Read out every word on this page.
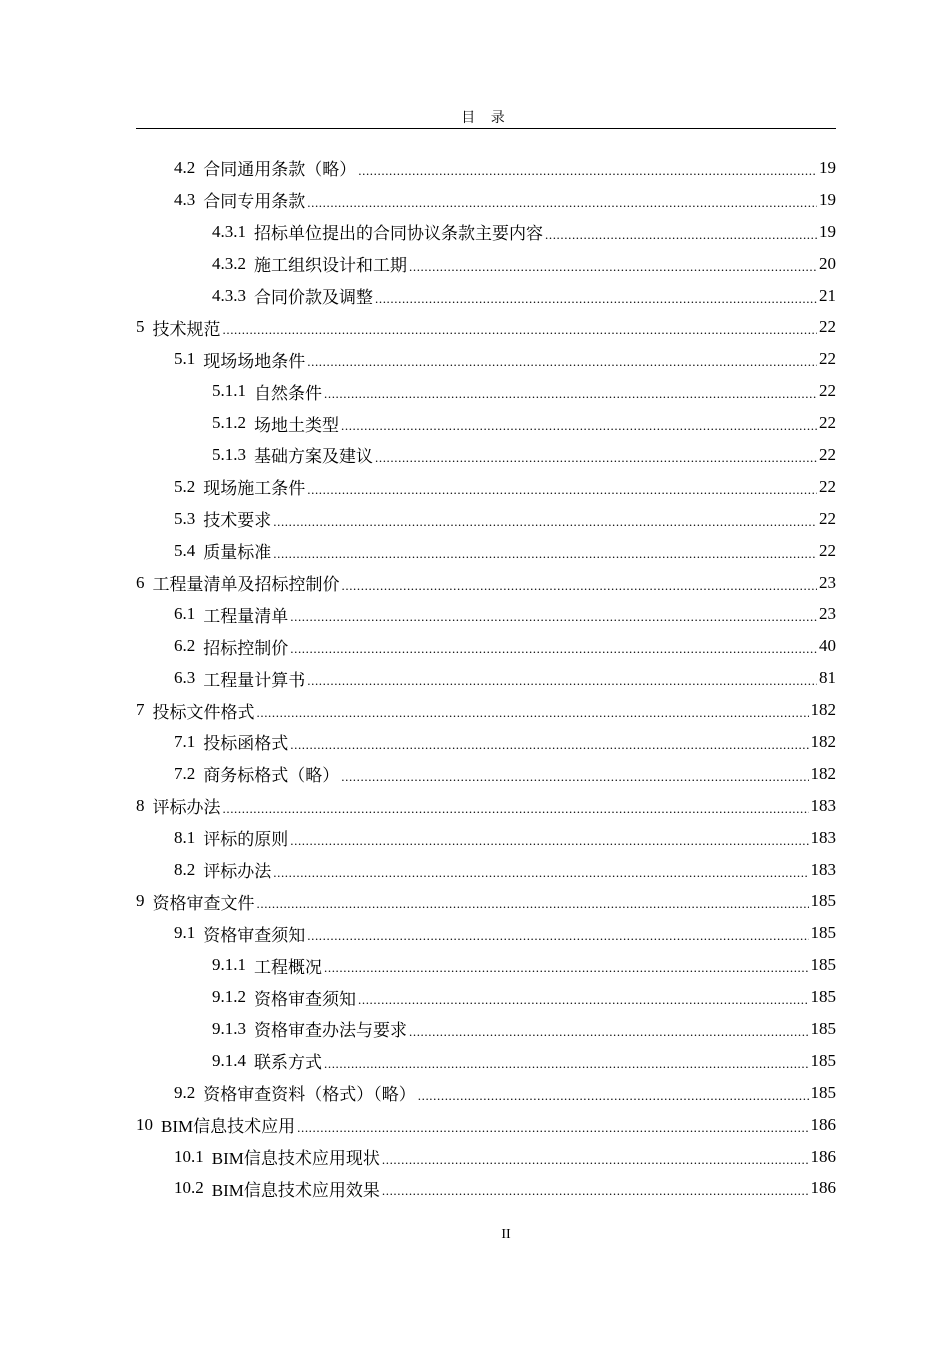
目 录
4.2 合同通用条款（略） .....	19
4.3 合同专用条款 .....	19
4.3.1 招标单位提出的合同协议条款主要内容 .....	19
4.3.2 施工组织设计和工期 .....	20
4.3.3 合同价款及调整 .....	21
5 技术规范 .....	22
5.1 现场场地条件 .....	22
5.1.1 自然条件 .....	22
5.1.2 场地土类型 .....	22
5.1.3 基础方案及建议 .....	22
5.2 现场施工条件 .....	22
5.3 技术要求 .....	22
5.4 质量标准 .....	22
6 工程量清单及招标控制价 .....	23
6.1 工程量清单 .....	23
6.2 招标控制价 .....	40
6.3 工程量计算书 .....	81
7 投标文件格式 .....	182
7.1 投标函格式 .....	182
7.2 商务标格式（略） .....	182
8 评标办法 .....	183
8.1 评标的原则 .....	183
8.2 评标办法 .....	183
9 资格审查文件 .....	185
9.1 资格审查须知 .....	185
9.1.1 工程概况 .....	185
9.1.2 资格审查须知 .....	185
9.1.3 资格审查办法与要求 .....	185
9.1.4 联系方式 .....	185
9.2 资格审查资料（格式）（略） .....	185
10 BIM信息技术应用 .....	186
10.1 BIM信息技术应用现状 .....	186
10.2 BIM信息技术应用效果 .....	186
II
